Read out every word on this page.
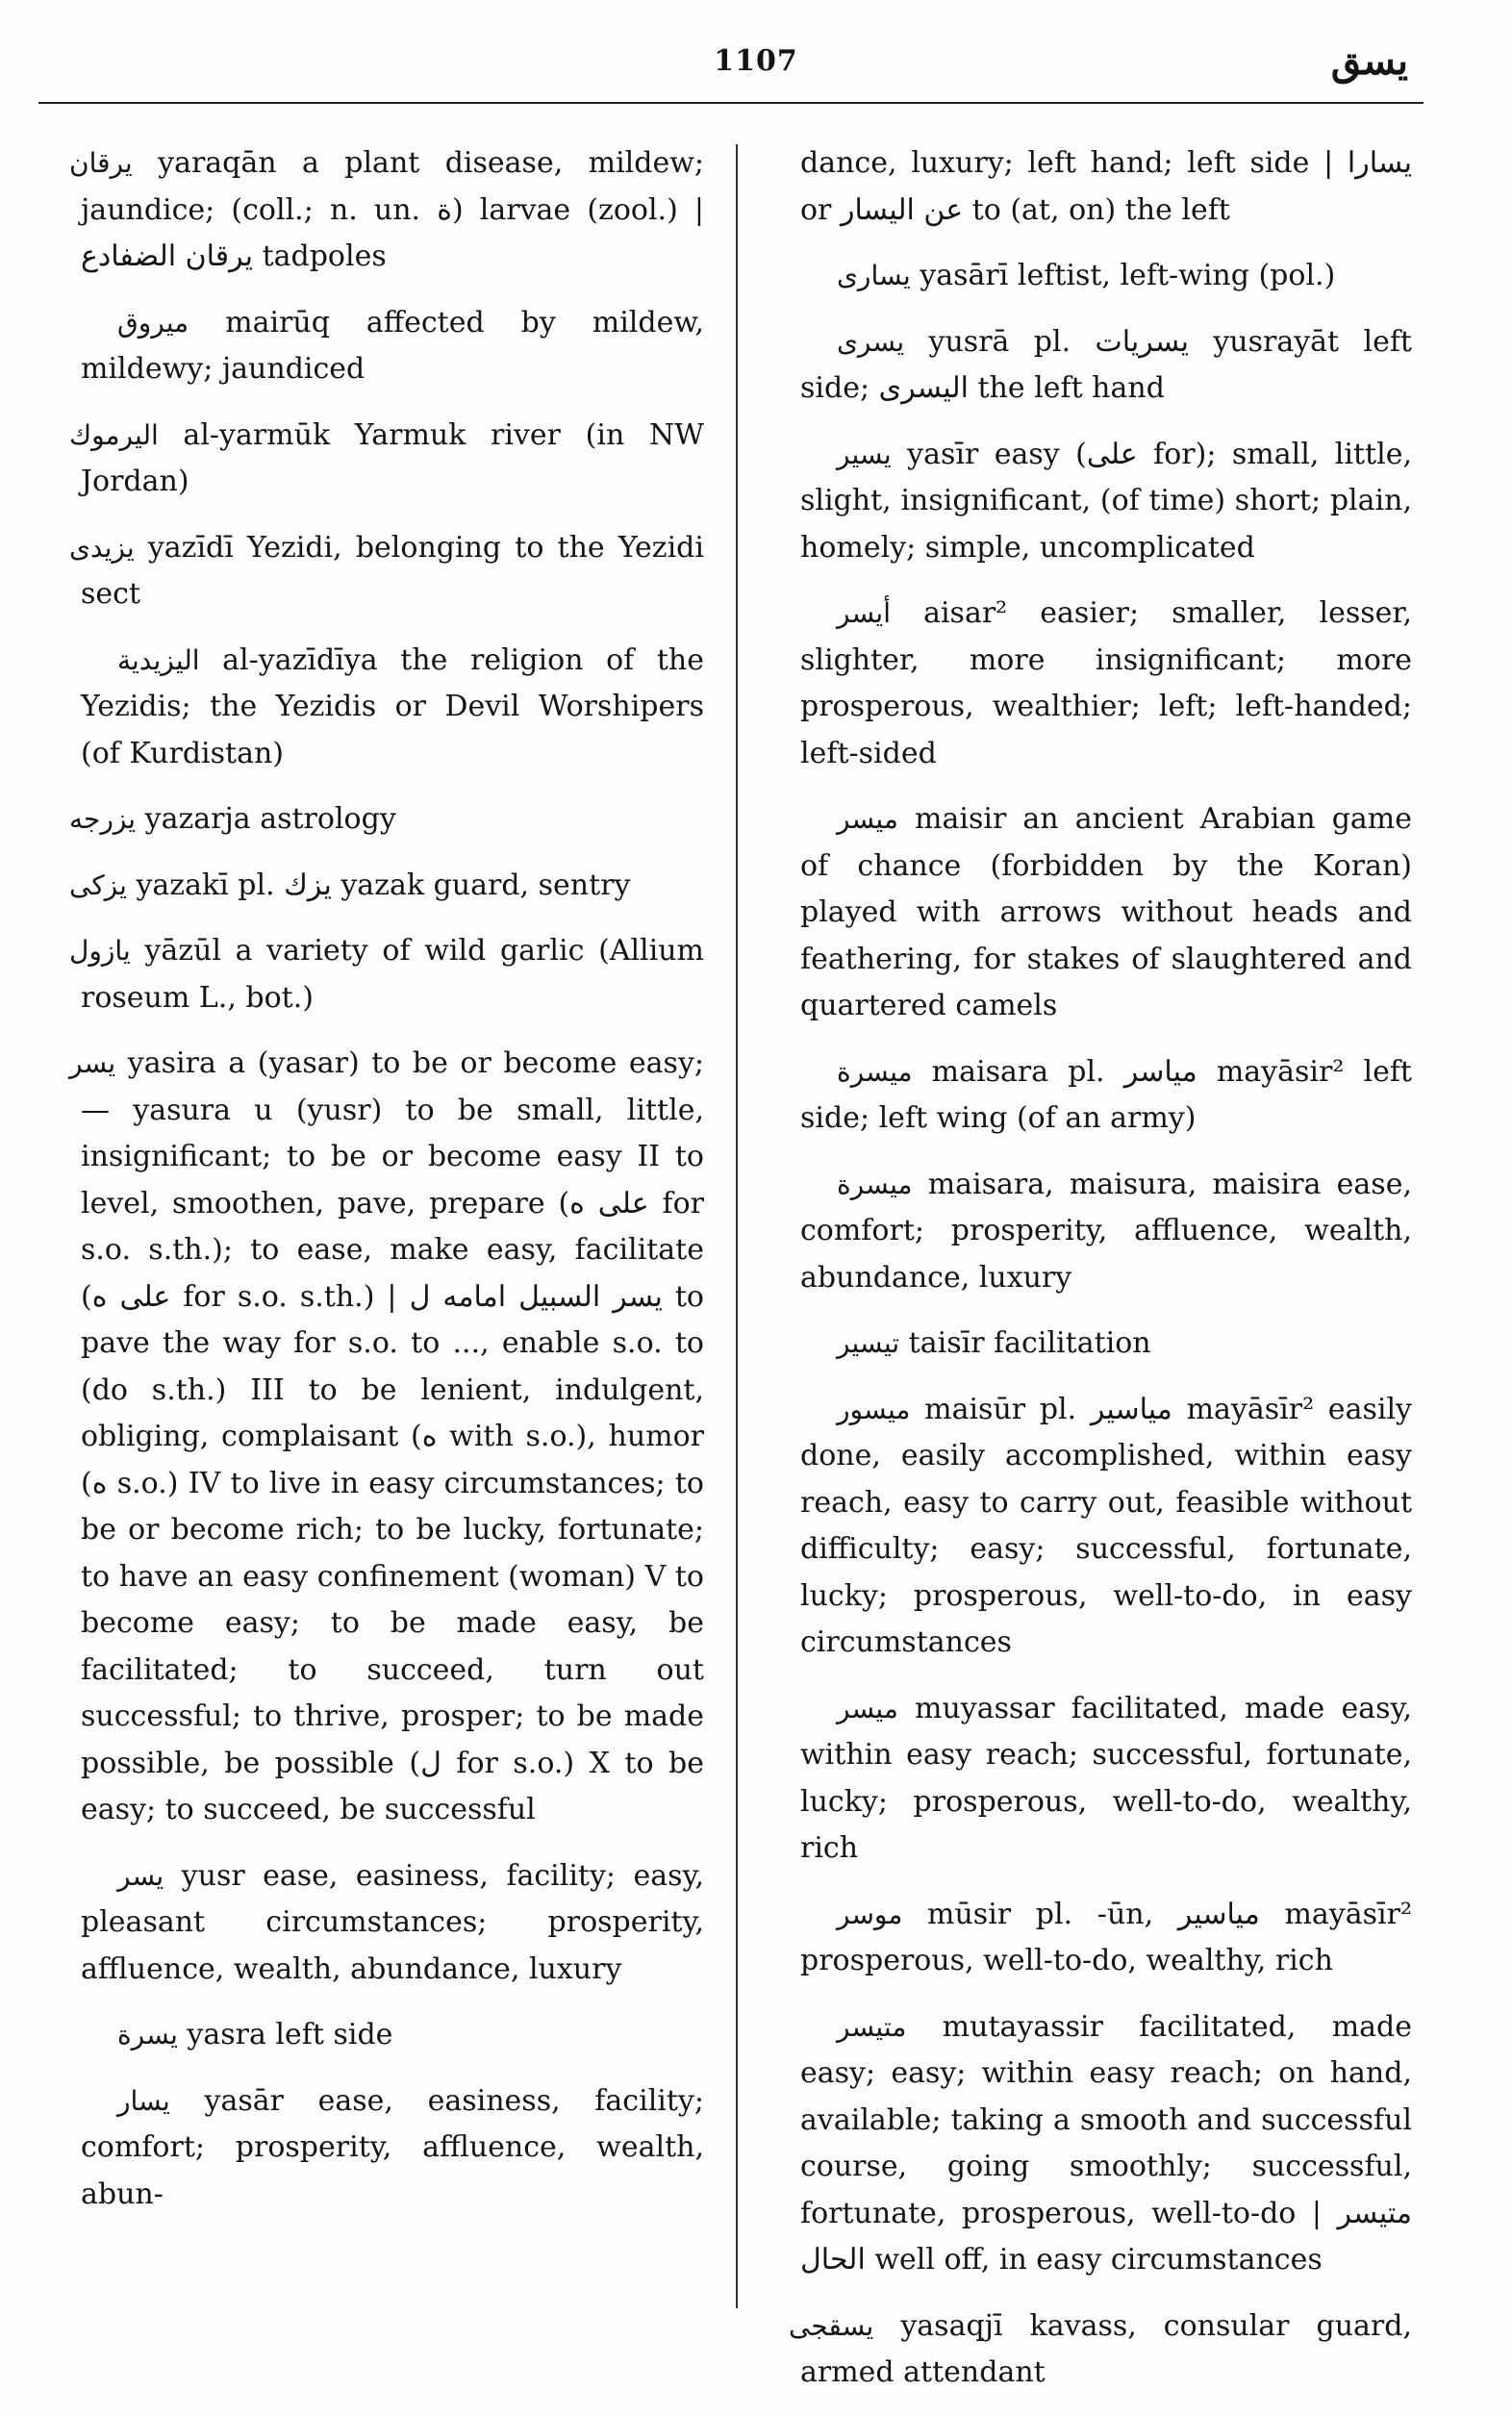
1107	يسق

يرقان yaraqān a plant disease, mildew; jaundice; (coll.; n. un. ة) larvae (zool.) | يرقان الضفادع tadpoles

ميروق mairūq affected by mildew, mildewy; jaundiced

اليرموك al-yarmūk Yarmuk river (in NW Jordan)

يزيدى yazīdī Yezidi, belonging to the Yezidi sect

اليزيدية al-yazīdīya the religion of the Yezidis; the Yezidis or Devil Worshipers (of Kurdistan)

يزرجه yazarja astrology

يزكى yazakī pl. يزك yazak guard, sentry

يازول yāzūl a variety of wild garlic (Allium roseum L., bot.)

يسر yasira a (yasar) to be or become easy; — yasura u (yusr) to be small, little, insignificant; to be or become easy II to level, smoothen, pave, prepare (على ه for s.o. s.th.); to ease, make easy, facilitate (على ه for s.o. s.th.) | يسر السبيل امامه ل to pave the way for s.o. to ..., enable s.o. to (do s.th.) III to be lenient, indulgent, obliging, complaisant (ه with s.o.), humor (ه s.o.) IV to live in easy circumstances; to be or become rich; to be lucky, fortunate; to have an easy confinement (woman) V to become easy; to be made easy, be facilitated; to succeed, turn out successful; to thrive, prosper; to be made possible, be possible (ل for s.o.) X to be easy; to succeed, be successful

يسر yusr ease, easiness, facility; easy, pleasant circumstances; prosperity, affluence, wealth, abundance, luxury

يسرة yasra left side

يسار yasār ease, easiness, facility; comfort; prosperity, affluence, wealth, abun-

dance, luxury; left hand; left side | يسارا or عن اليسار to (at, on) the left

يسارى yasārī leftist, left-wing (pol.)

يسرى yusrā pl. يسريات yusrayāt left side; اليسرى the left hand

يسير yasīr easy (على for); small, little, slight, insignificant, (of time) short; plain, homely; simple, uncomplicated

أيسر aisar² easier; smaller, lesser, slighter, more insignificant; more prosperous, wealthier; left; left-handed; left-sided

ميسر maisir an ancient Arabian game of chance (forbidden by the Koran) played with arrows without heads and feathering, for stakes of slaughtered and quartered camels

ميسرة maisara pl. مياسر mayāsir² left side; left wing (of an army)

ميسرة maisara, maisura, maisira ease, comfort; prosperity, affluence, wealth, abundance, luxury

تيسير taisīr facilitation

ميسور maisūr pl. مياسير mayāsīr² easily done, easily accomplished, within easy reach, easy to carry out, feasible without difficulty; easy; successful, fortunate, lucky; prosperous, well-to-do, in easy circumstances

ميسر muyassar facilitated, made easy, within easy reach; successful, fortunate, lucky; prosperous, well-to-do, wealthy, rich

موسر mūsir pl. -ūn, مياسير mayāsīr² prosperous, well-to-do, wealthy, rich

متيسر mutayassir facilitated, made easy; easy; within easy reach; on hand, available; taking a smooth and successful course, going smoothly; successful, fortunate, prosperous, well-to-do | متيسر الحال well off, in easy circumstances

يسقجى yasaqjī kavass, consular guard, armed attendant
